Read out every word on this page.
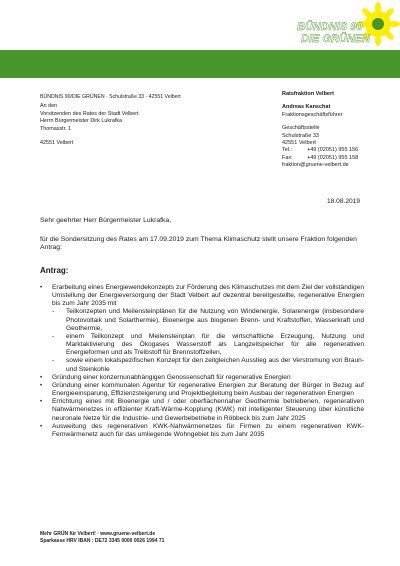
BÜNDNIS 90
DIE GRÜNEN
BÜNDNIS 90/DIE GRÜNEN · Schulstraße 33 · 42551 Velbert
An den
Vorsitzenden des Rates der Stadt Velbert
Herrn Bürgermeister Dirk Lukrafka
Thomasstr. 1
42551 Velbert
Ratsfraktion Velbert
Andreas Kanschat
Fraktionsgeschäftsführer
Geschäftsstelle
Schulstraße 33
42551 Velbert
Tel.:	+49 (02051) 955 156
Fax:	+49 (02051) 955 158
fraktion@gruene-velbert.de
18.08.2019
Sehr geehrter Herr Bürgermeister Lukrafka,
für die Sondersitzung des Rates am 17.09.2019 zum Thema Klimaschutz stellt unsere Fraktion folgenden Antrag:
Antrag:
•	Erarbeitung eines Energiewendekonzepts zur Förderung des Klimaschutzes mit dem Ziel der vollständigen Umstellung der Energieversorgung der Stadt Velbert auf dezentral bereitgestellte, regenerative Energien bis zum Jahr 2035 mit
-	Teilkonzepten und Meilensteinplänen für die Nutzung von Windenergie, Solarenergie (insbesondere Photovoltaik und Solarthermie), Bioenergie aus biogenen Brenn- und Kraftstoffen, Wasserkraft und Geothermie,
-	einem Teilkonzept und Meilensteinplan für die wirtschaftliche Erzeugung, Nutzung und Marktaktivierung des Ökogases Wasserstoff als Langzeitspeicher für alle regenerativen Energieformen und als Treibstoff für Brennstoffzellen,
-	sowie einem lokalspezifischen Konzept für den zeitgleichen Ausstieg aus der Verstromung von Braun- und Steinkohle
•	Gründung einer konzernunabhängigen Genossenschaft für regenerative Energien
•	Gründung einer kommunalen Agentur für regenerative Energien zur Beratung der Bürger in Bezug auf Energieeinsparung, Effizienzsteigerung und Projektbegleitung beim Ausbau der regenerativen Energien
•	Errichtung eines mit Bioenergie und / oder oberflächennaher Geothermie betriebenen, regenerativen Nahwärmenetzes in effizienter Kraft-Wärme-Kopplung (KWK) mit intelligenter Steuerung über künstliche neuronale Netze für die Industrie- und Gewerbebetriebe in Röbbeck bis zum Jahr 2025
•	Ausweitung des regenerativen KWK-Nahwärmenetzes für Firmen zu einem regenerativen KWK-Fernwärmenetz auch für das umliegende Wohngebiet bis zum Jahr 2035
Mehr GRÜN für Velbert! · www.gruene-velbert.de
Sparkasse HRV IBAN : DE72 3345 0000 0026 1994 71
